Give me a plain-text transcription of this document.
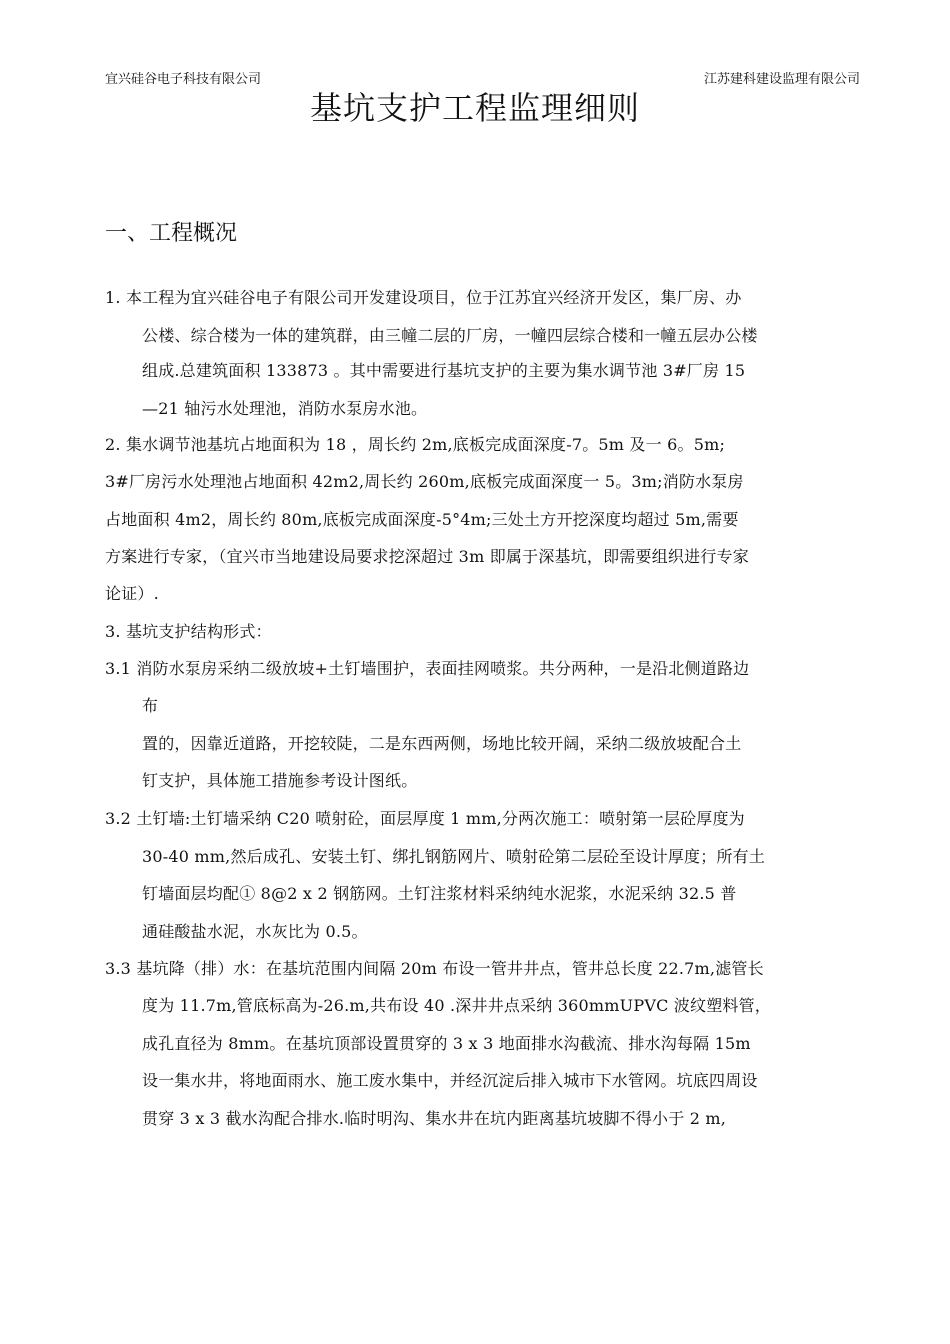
宜兴硅谷电子科技有限公司	江苏建科建设监理有限公司
基坑支护工程监理细则
一、工程概况
1. 本工程为宜兴硅谷电子有限公司开发建设项目，位于江苏宜兴经济开发区，集厂房、办
公楼、综合楼为一体的建筑群，由三幢二层的厂房，一幢四层综合楼和一幢五层办公楼
组成.总建筑面积 133873 。其中需要进行基坑支护的主要为集水调节池 3#厂房 15
—21 轴污水处理池，消防水泵房水池。
2. 集水调节池基坑占地面积为 18 ，周长约 2m,底板完成面深度-7。5m 及一 6。5m;
3#厂房污水处理池占地面积 42m2,周长约 260m,底板完成面深度一 5。3m;消防水泵房
占地面积 4m2，周长约 80m,底板完成面深度-5°4m;三处土方开挖深度均超过 5m,需要
方案进行专家，（宜兴市当地建设局要求挖深超过 3m 即属于深基坑，即需要组织进行专家
论证）.
3. 基坑支护结构形式：
3.1 消防水泵房采纳二级放坡+土钉墙围护，表面挂网喷浆。共分两种，一是沿北侧道路边
布
置的，因靠近道路，开挖较陡，二是东西两侧，场地比较开阔，采纳二级放坡配合土
钉支护，具体施工措施参考设计图纸。
3.2 土钉墙:土钉墙采纳 C20 喷射砼，面层厚度 1 mm,分两次施工：喷射第一层砼厚度为
30-40 mm,然后成孔、安装土钉、绑扎钢筋网片、喷射砼第二层砼至设计厚度；所有土
钉墙面层均配① 8@2 x 2 钢筋网。土钉注浆材料采纳纯水泥浆，水泥采纳 32.5 普
通硅酸盐水泥，水灰比为 0.5。
3.3 基坑降（排）水：在基坑范围内间隔 20m 布设一管井井点，管井总长度 22.7m,滤管长
度为 11.7m,管底标高为-26.m,共布设 40 .深井井点采纳 360mmUPVC 波纹塑料管，
成孔直径为 8mm。在基坑顶部设置贯穿的 3 x 3 地面排水沟截流、排水沟每隔 15m
设一集水井，将地面雨水、施工废水集中，并经沉淀后排入城市下水管网。坑底四周设
贯穿 3 x 3 截水沟配合排水.临时明沟、集水井在坑内距离基坑坡脚不得小于 2 m,
